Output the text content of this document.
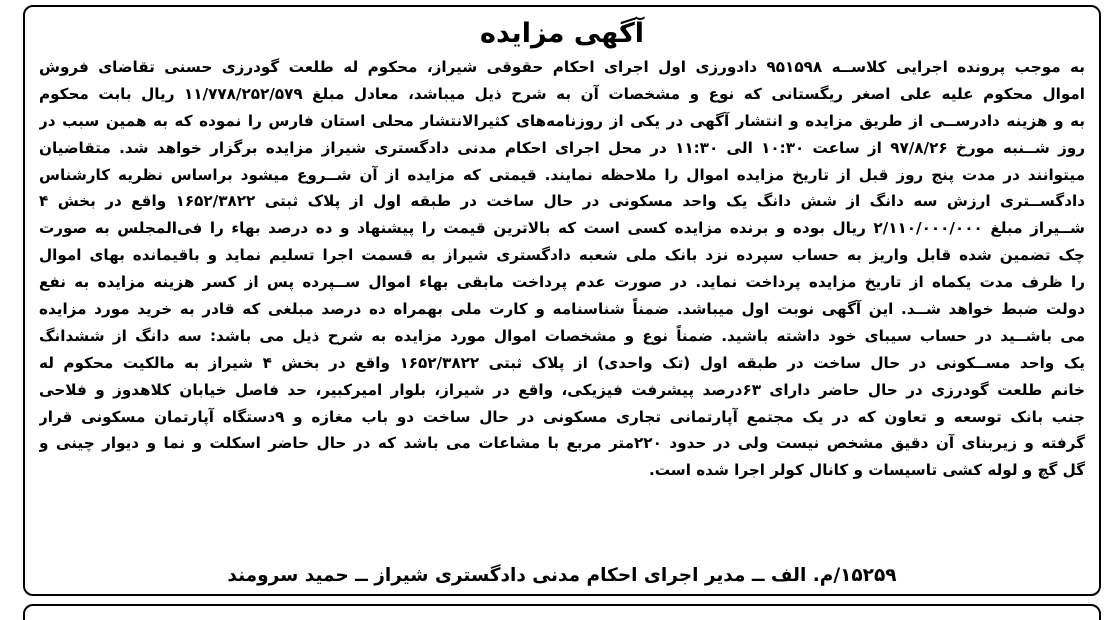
آگهی مزایده
به موجب پرونده اجرایی کلاســه ۹۵۱۵۹۸ دادورزی اول اجرای احکام حقوقی شیراز، محکوم له طلعت گودرزی حسنی تقاضای فروش
اموال محکوم علیه علی اصغر ریگستانی که نوع و مشخصات آن به شرح ذیل میباشد، معادل مبلغ ۱۱/۷۷۸/۲۵۲/۵۷۹ ریال بابت محکوم
به و هزینه دادرســی از طریق مزایده و انتشار آگهی در یکی از روزنامه‌های کثیرالانتشار محلی استان فارس را نموده که به همین سبب در
روز شــنبه مورخ ۹۷/۸/۲۶ از ساعت ۱۰:۳۰ الی ۱۱:۳۰ در محل اجرای احکام مدنی دادگستری شیراز مزایده برگزار خواهد شد. متقاضیان
میتوانند در مدت پنج روز قبل از تاریخ مزایده اموال را ملاحظه نمایند. قیمتی که مزایده از آن شــروع میشود براساس نظریه کارشناس
دادگســتری ارزش سه دانگ از شش دانگ یک واحد مسکونی در حال ساخت در طبقه اول از پلاک ثبتی ۱۶۵۲/۳۸۲۲ واقع در بخش ۴
شــیراز مبلغ ۲/۱۱۰/۰۰۰/۰۰۰ ریال بوده و برنده مزایده کسی است که بالاترین قیمت را پیشنهاد و ده درصد بهاء را فی‌المجلس به صورت
چک تضمین شده قابل واریز به حساب سپرده نزد بانک ملی شعبه دادگستری شیراز به قسمت اجرا تسلیم نماید و باقیمانده بهای اموال
را ظرف مدت یکماه از تاریخ مزایده پرداخت نماید. در صورت عدم پرداخت مابقی بهاء اموال ســپرده پس از کسر هزینه مزایده به نفع
دولت ضبط خواهد شــد. این آگهی نوبت اول میباشد. ضمناً شناسنامه و کارت ملی بهمراه ده درصد مبلغی که قادر به خرید مورد مزایده
می باشــید در حساب سیبای خود داشته باشید. ضمناً نوع و مشخصات اموال مورد مزایده به شرح ذیل می باشد: سه دانگ از ششدانگ
یک واحد مســکونی در حال ساخت در طبقه اول (تک واحدی) از پلاک ثبتی ۱۶۵۲/۳۸۲۲ واقع در بخش ۴ شیراز به مالکیت محکوم له
خانم طلعت گودرزی در حال حاضر دارای ۶۳درصد پیشرفت فیزیکی، واقع در شیراز، بلوار امیرکبیر، حد فاصل خیابان کلاهدوز و فلاحی
جنب بانک توسعه و تعاون که در یک مجتمع آپارتمانی تجاری مسکونی در حال ساخت دو باب مغازه و ۹دستگاه آپارتمان مسکونی قرار
گرفته و زیربنای آن دقیق مشخص نیست ولی در حدود ۲۲۰متر مربع با مشاعات می باشد که در حال حاضر اسکلت و نما و دیوار چینی و
گل گچ و لوله کشی تاسیسات و کانال کولر اجرا شده است.
۱۵۲۵۹/م. الف ــ مدیر اجرای احکام مدنی دادگستری شیراز ــ حمید سرومند
